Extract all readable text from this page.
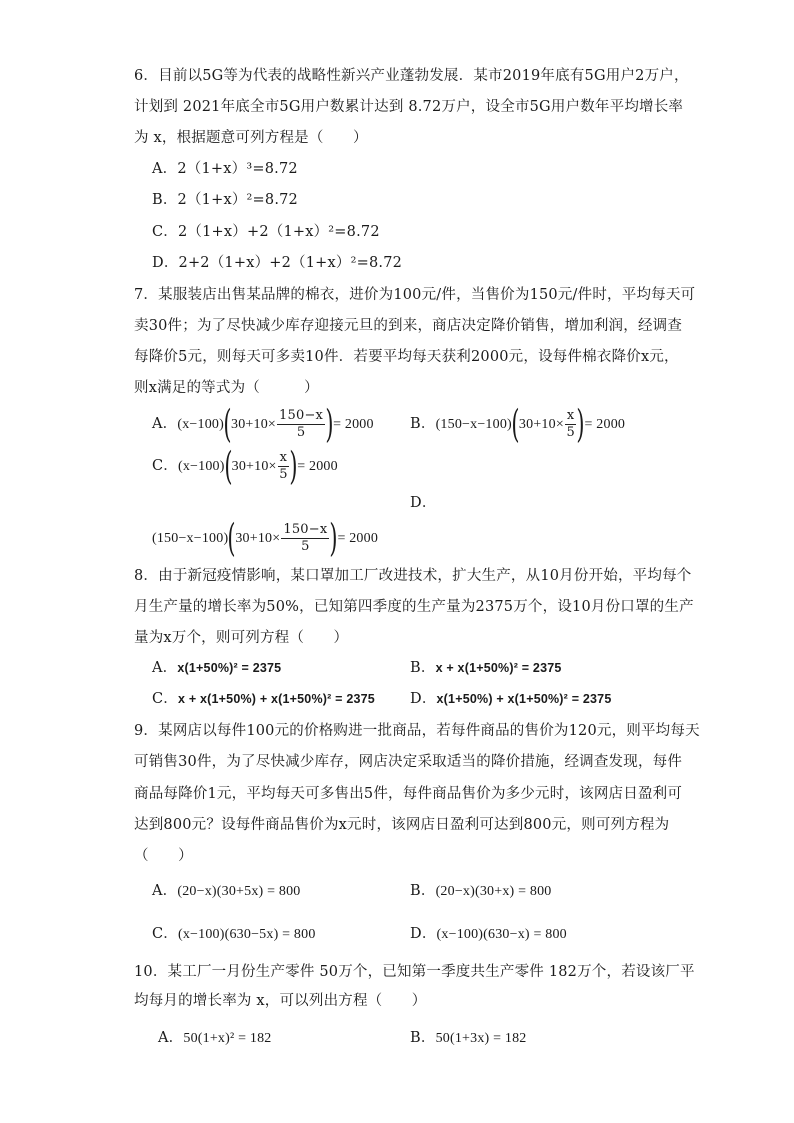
6．目前以5G等为代表的战略性新兴产业蓬勃发展．某市2019年底有5G用户2万户，
计划到 2021年底全市5G用户数累计达到 8.72万户，设全市5G用户数年平均增长率
为 x，根据题意可列方程是（　　）
A．2（1+x）³=8.72
B．2（1+x）²=8.72
C．2（1+x）+2（1+x）²=8.72
D．2+2（1+x）+2（1+x）²=8.72
7．某服装店出售某品牌的棉衣，进价为100元/件，当售价为150元/件时，平均每天可
卖30件；为了尽快减少库存迎接元旦的到来，商店决定降价销售，增加利润，经调查
每降价5元，则每天可多卖10件．若要平均每天获利2000元，设每件棉衣降价x元，
则x满足的等式为（　　　）
A．$(x-100)(30+10\times \frac{150-x}{5}$ )= 2000	B．$(150-x-100)(30+10\times \frac{x}{5}$ )= 2000
C．$(x-100)(30+10\times \frac{x}{5}$ )= 2000
D．
$(150-x-100)(30+10\times \frac{150-x}{5}$ )= 2000
8．由于新冠疫情影响，某口罩加工厂改进技术，扩大生产，从10月份开始，平均每个
月生产量的增长率为50%，已知第四季度的生产量为2375万个，设10月份口罩的生产
量为x万个，则可列方程（　　）
A．x(1+50%)² = 2375	B．x + x(1+50%)² = 2375
C．x + x(1+50%) + x(1+50%)² = 2375 D．x(1+50%) + x(1+50%)² = 2375
9．某网店以每件100元的价格购进一批商品，若每件商品的售价为120元，则平均每天
可销售30件，为了尽快减少库存，网店决定采取适当的降价措施，经调查发现，每件
商品每降价1元，平均每天可多售出5件，每件商品售价为多少元时，该网店日盈利可
达到800元？设每件商品售价为x元时，该网店日盈利可达到800元，则可列方程为
（　　）
A．(20−x)(30+5x) = 800	B．(20−x)(30+x) = 800
C．(x−100)(630−5x) = 800	D．(x−100)(630−x) = 800
10．某工厂一月份生产零件 50万个，已知第一季度共生产零件 182万个，若设该厂平
均每月的增长率为 x，可以列出方程（　　）
A．50(1+x)² = 182	B．50(1+3x) = 182
